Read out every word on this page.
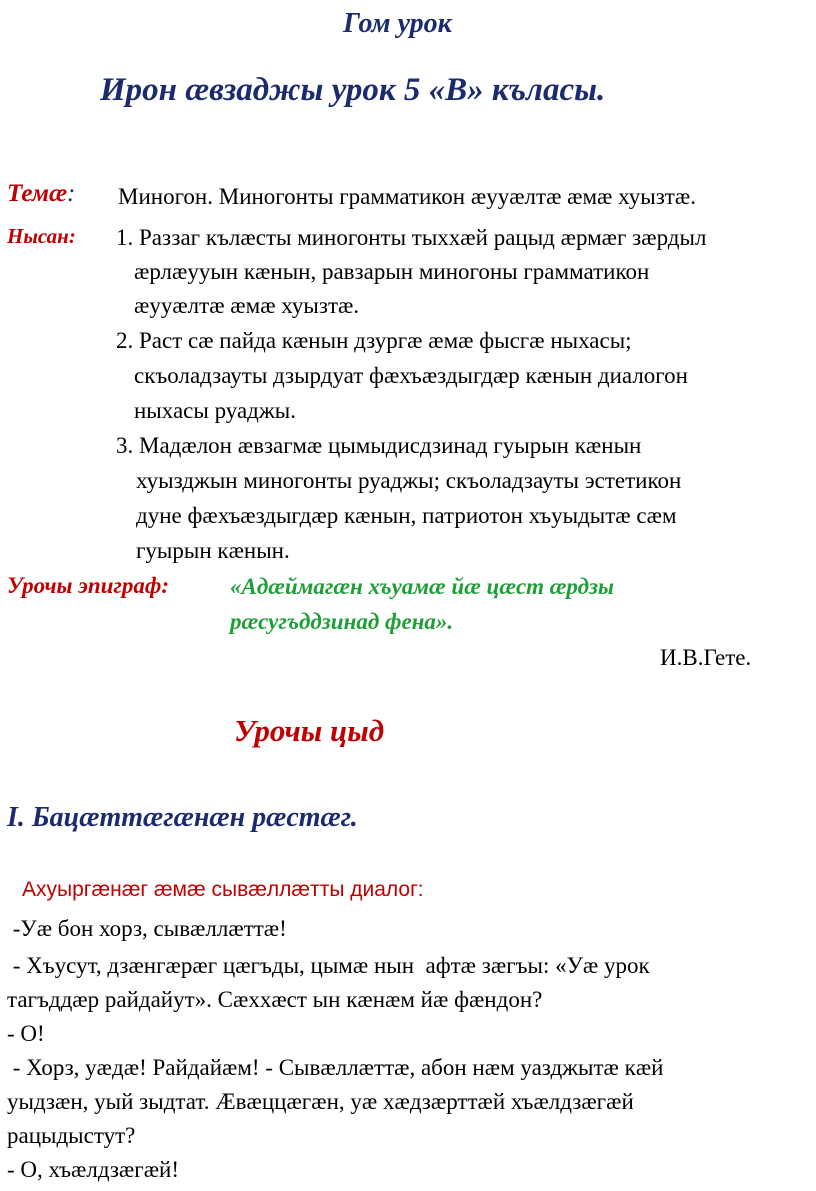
Гом урок
Ирон æвзаджы урок 5 «В» къласы.
Темæ: Миногон. Миногонты грамматикон æууæлтæ æмæ хуызтæ.
Нысан: 1. Раззаг кълæсты миногонты тыххæй рацыд æрмæг зæрдыл
æрлæууын кæнын, равзарын миногоны грамматикон
æууæлтæ æмæ хуызтæ.
2. Раст сæ пайда кæнын дзургæ æмæ фысгæ ныхасы;
скъоладзауты дзырдуат фæхъæздыгдæр кæнын диалогон
ныхасы руаджы.
3. Мадæлон æвзагмæ цымыдисдзинад гуырын кæнын
хуызджын миногонты руаджы; скъоладзауты эстетикон
дуне фæхъæздыгдæр кæнын, патриотон хъуыдытæ сæм
гуырын кæнын.
Урочы эпиграф:	«Адæймагæн хъуамæ йæ цæст æрдзы
рæсугъддзинад фена».
И.В.Гете.
Урочы цыд
I. Бацæттæгæнæн рæстæг.
Ахуыргæнæг æмæ сывæллæтты диалог:
-Уæ бон хорз, сывæллæттæ!
- Хъусут, дзæнгæрæг цæгъды, цымæ нын  афтæ зæгъы: «Уæ урок
тагъддæр райдайут». Сæххæст ын кæнæм йæ фæндон?
- О!
- Хорз, уæдæ! Райдайæм! - Сывæллæттæ, абон нæм уазджытæ кæй
уыдзæн, уый зыдтат. Æвæццæгæн, уæ хæдзæрттæй хъæлдзæгæй
рацыдыстут?
- О, хъæлдзæгæй!
